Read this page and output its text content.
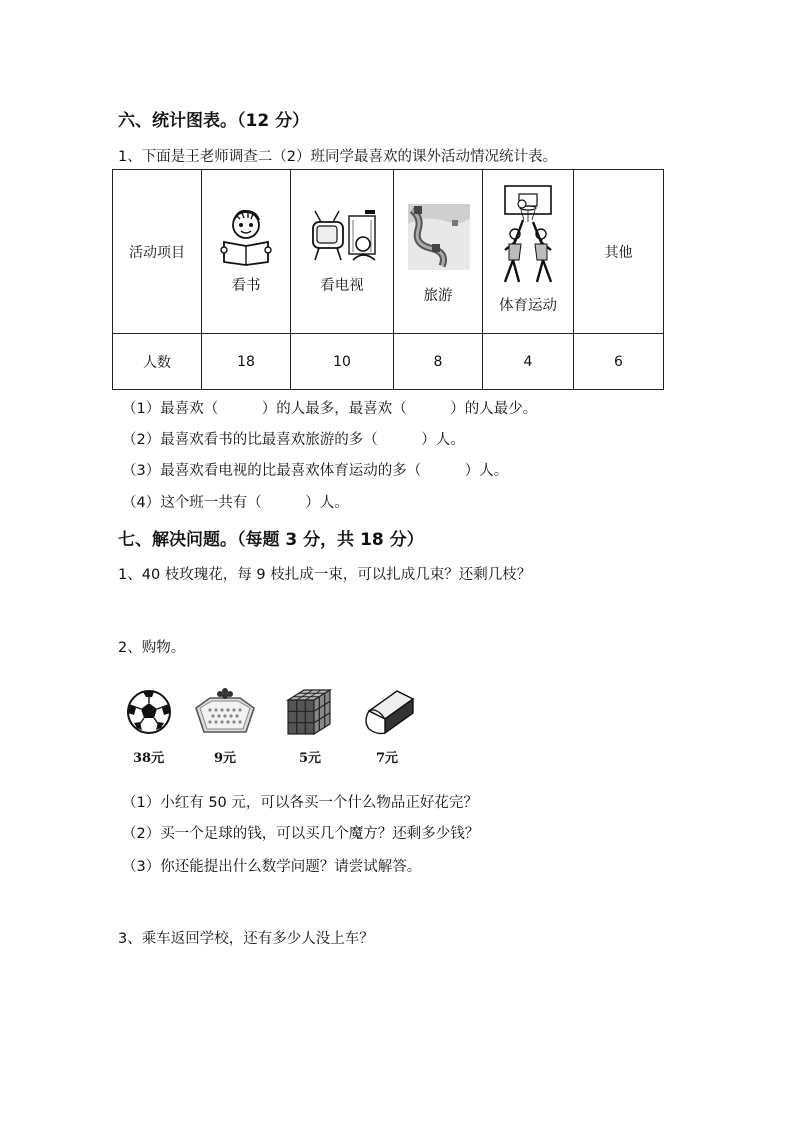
六、统计图表。（12 分）
1、下面是王老师调查二（2）班同学最喜欢的课外活动情况统计表。
活动项目	看书	看电视	旅游	体育运动	其他
人数	18	10	8	4	6
（1）最喜欢（　　　）的人最多，最喜欢（　　　）的人最少。
（2）最喜欢看书的比最喜欢旅游的多（　　　）人。
（3）最喜欢看电视的比最喜欢体育运动的多（　　　）人。
（4）这个班一共有（　　　）人。
七、解决问题。（每题 3 分，共 18 分）
1、40 枝玫瑰花，每 9 枝扎成一束，可以扎成几束？还剩几枝？
2、购物。
38元	9元	5元	7元
（1）小红有 50 元，可以各买一个什么物品正好花完？
（2）买一个足球的钱，可以买几个魔方？还剩多少钱？
（3）你还能提出什么数学问题？请尝试解答。
3、乘车返回学校，还有多少人没上车？
